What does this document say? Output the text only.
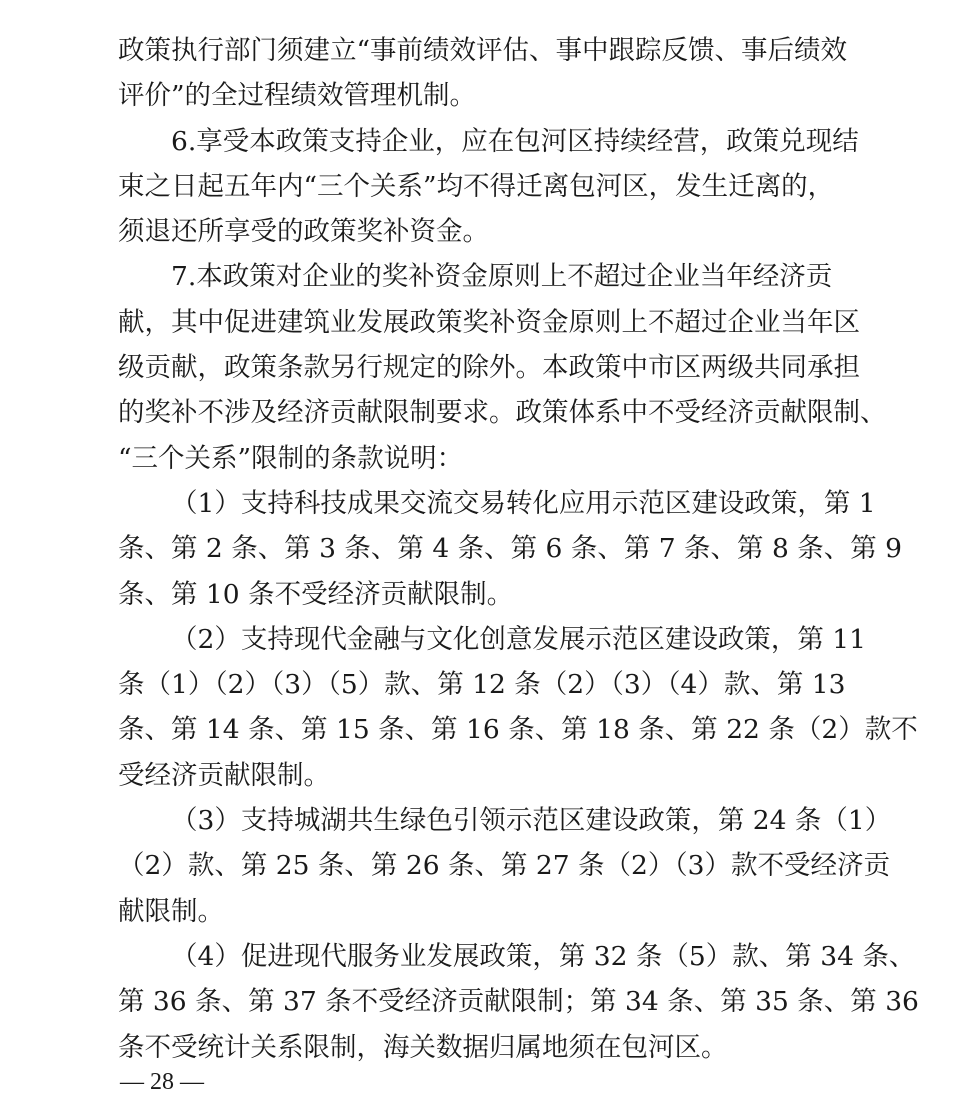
政策执行部门须建立“事前绩效评估、事中跟踪反馈、事后绩效
评价”的全过程绩效管理机制。
6.享受本政策支持企业，应在包河区持续经营，政策兑现结
束之日起五年内“三个关系”均不得迁离包河区，发生迁离的，
须退还所享受的政策奖补资金。
7.本政策对企业的奖补资金原则上不超过企业当年经济贡
献，其中促进建筑业发展政策奖补资金原则上不超过企业当年区
级贡献，政策条款另行规定的除外。本政策中市区两级共同承担
的奖补不涉及经济贡献限制要求。政策体系中不受经济贡献限制、
“三个关系”限制的条款说明：
（1）支持科技成果交流交易转化应用示范区建设政策，第 1
条、第 2 条、第 3 条、第 4 条、第 6 条、第 7 条、第 8 条、第 9
条、第 10 条不受经济贡献限制。
（2）支持现代金融与文化创意发展示范区建设政策，第 11
条（1）（2）（3）（5）款、第 12 条（2）（3）（4）款、第 13
条、第 14 条、第 15 条、第 16 条、第 18 条、第 22 条（2）款不
受经济贡献限制。
（3）支持城湖共生绿色引领示范区建设政策，第 24 条（1）
（2）款、第 25 条、第 26 条、第 27 条（2）（3）款不受经济贡
献限制。
（4）促进现代服务业发展政策，第 32 条（5）款、第 34 条、
第 36 条、第 37 条不受经济贡献限制；第 34 条、第 35 条、第 36
条不受统计关系限制，海关数据归属地须在包河区。
— 28 —
